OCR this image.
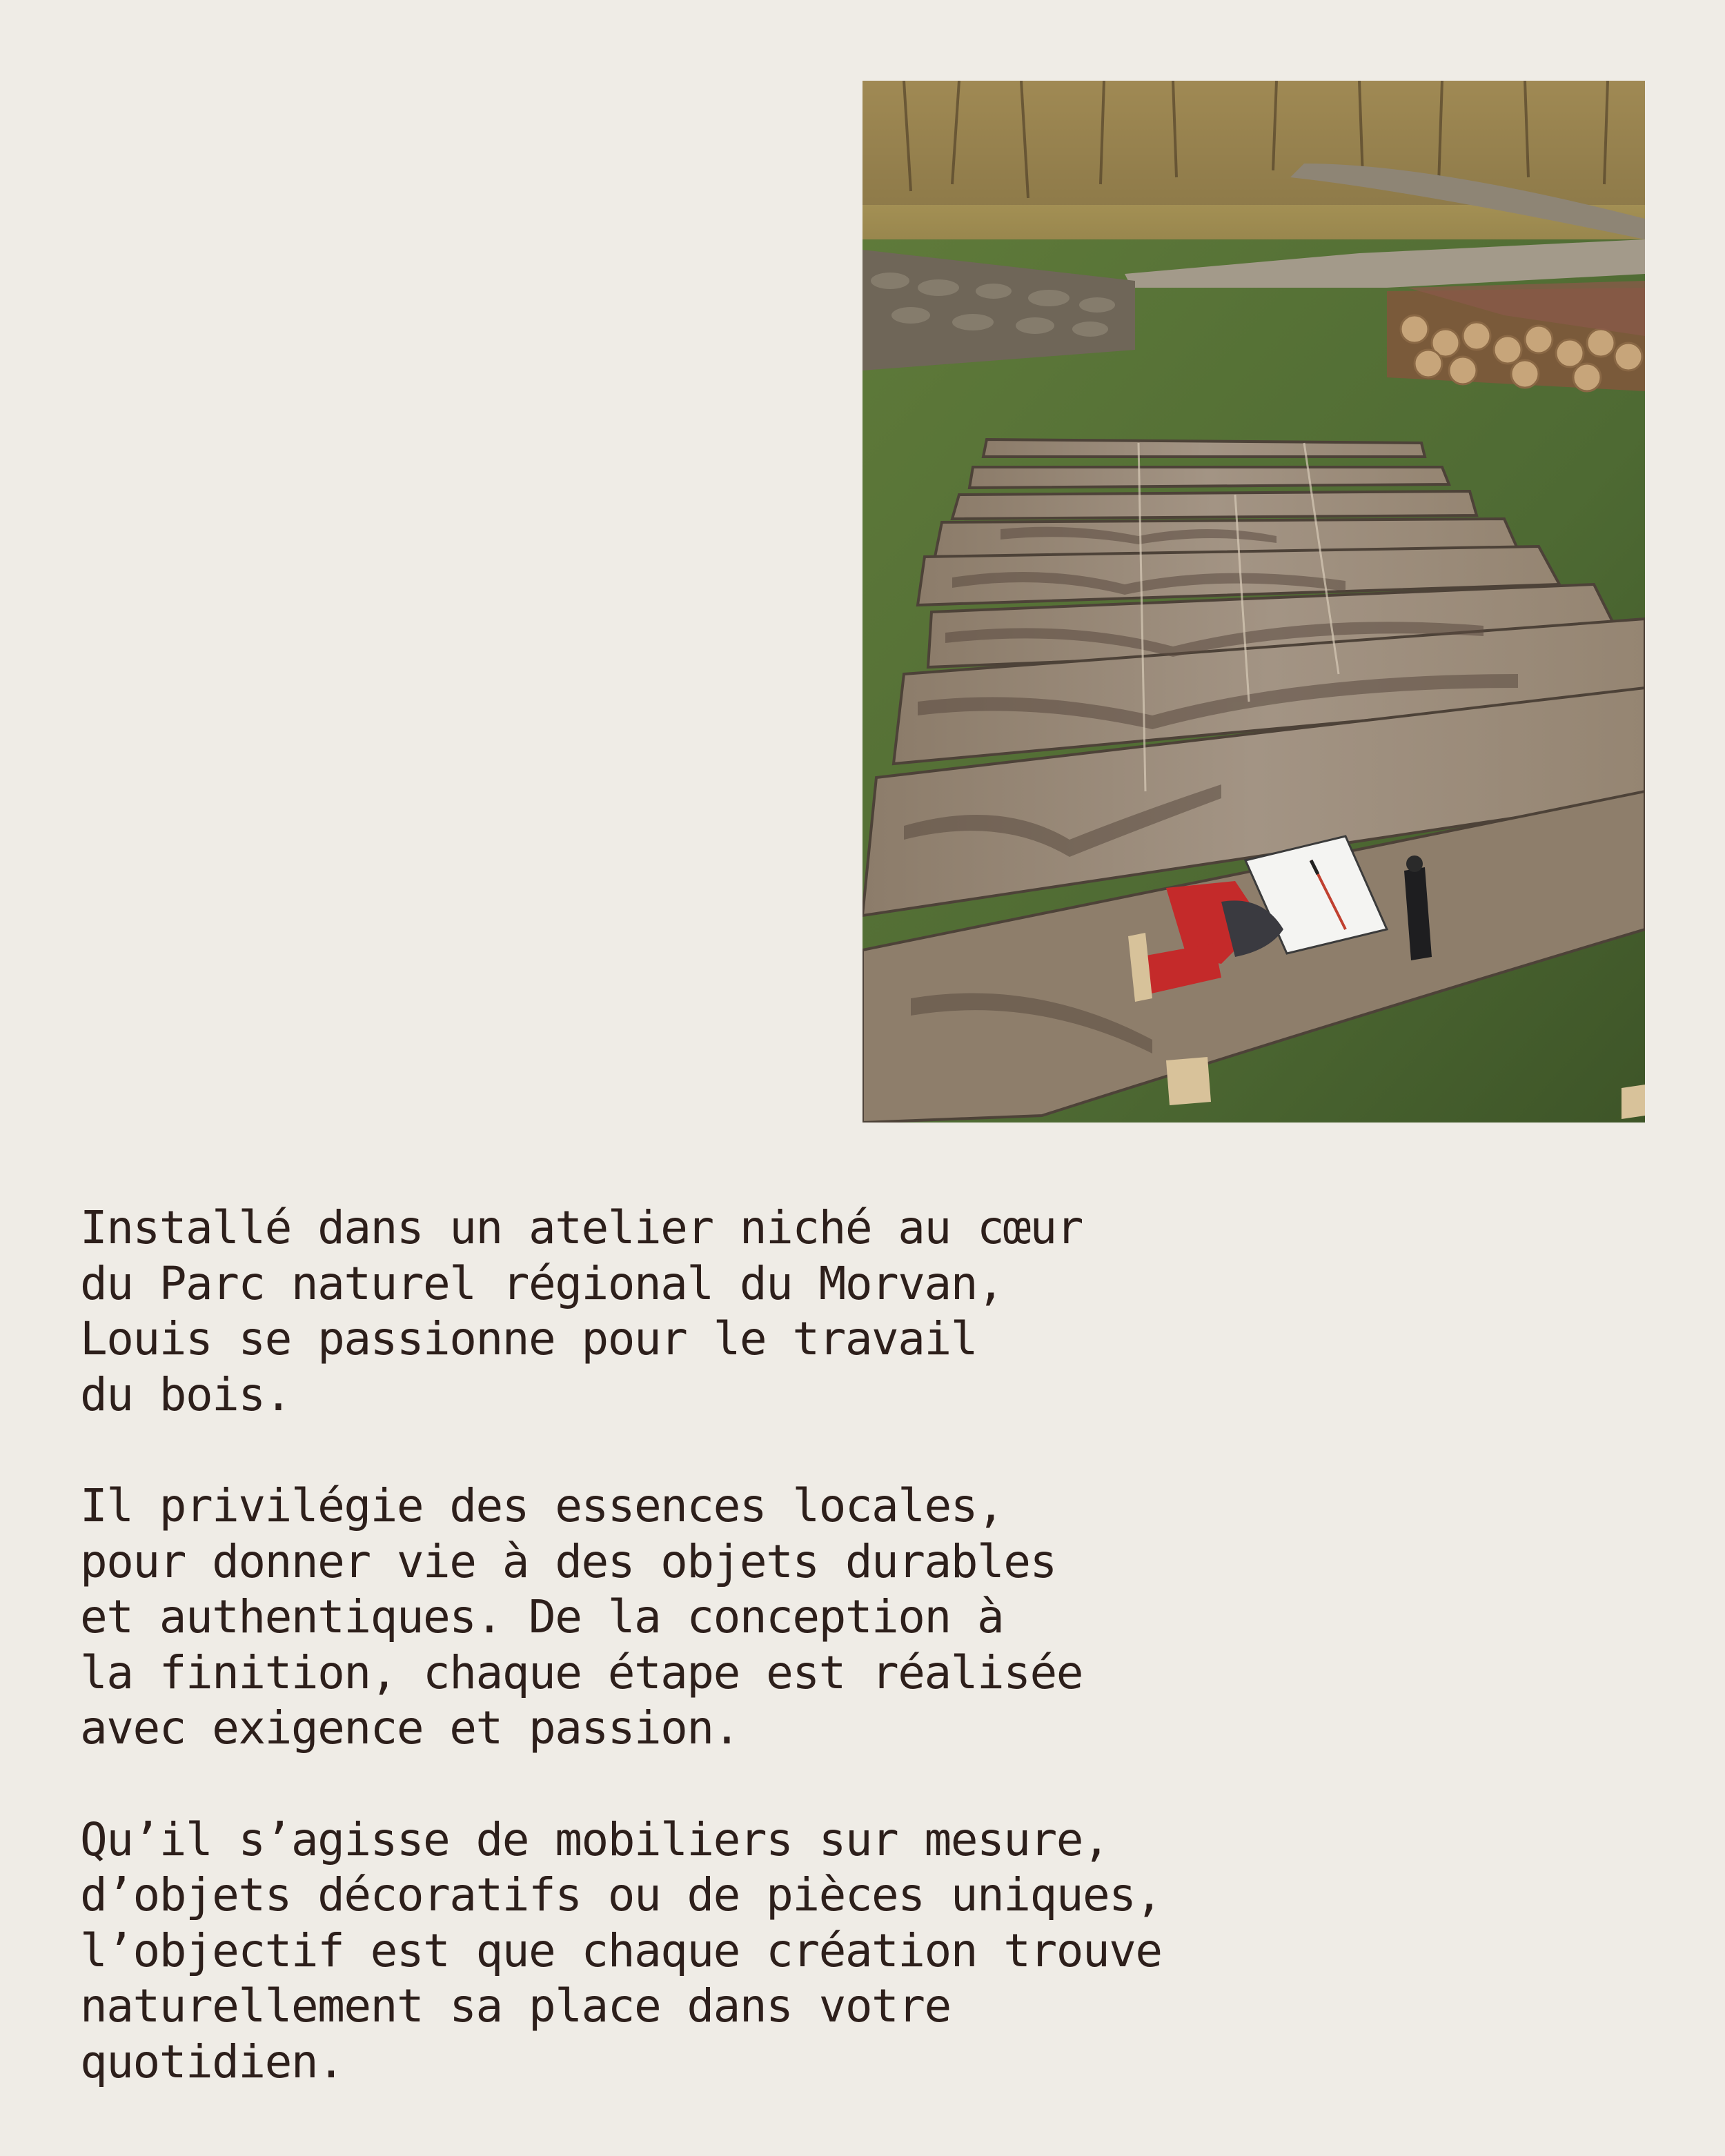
Installé dans un atelier niché au cœur
du Parc naturel régional du Morvan,
Louis se passionne pour le travail
du bois.

Il privilégie des essences locales,
pour donner vie à des objets durables
et authentiques. De la conception à
la finition, chaque étape est réalisée
avec exigence et passion.

Qu’il s’agisse de mobiliers sur mesure,
d’objets décoratifs ou de pièces uniques,
l’objectif est que chaque création trouve
naturellement sa place dans votre
quotidien.
